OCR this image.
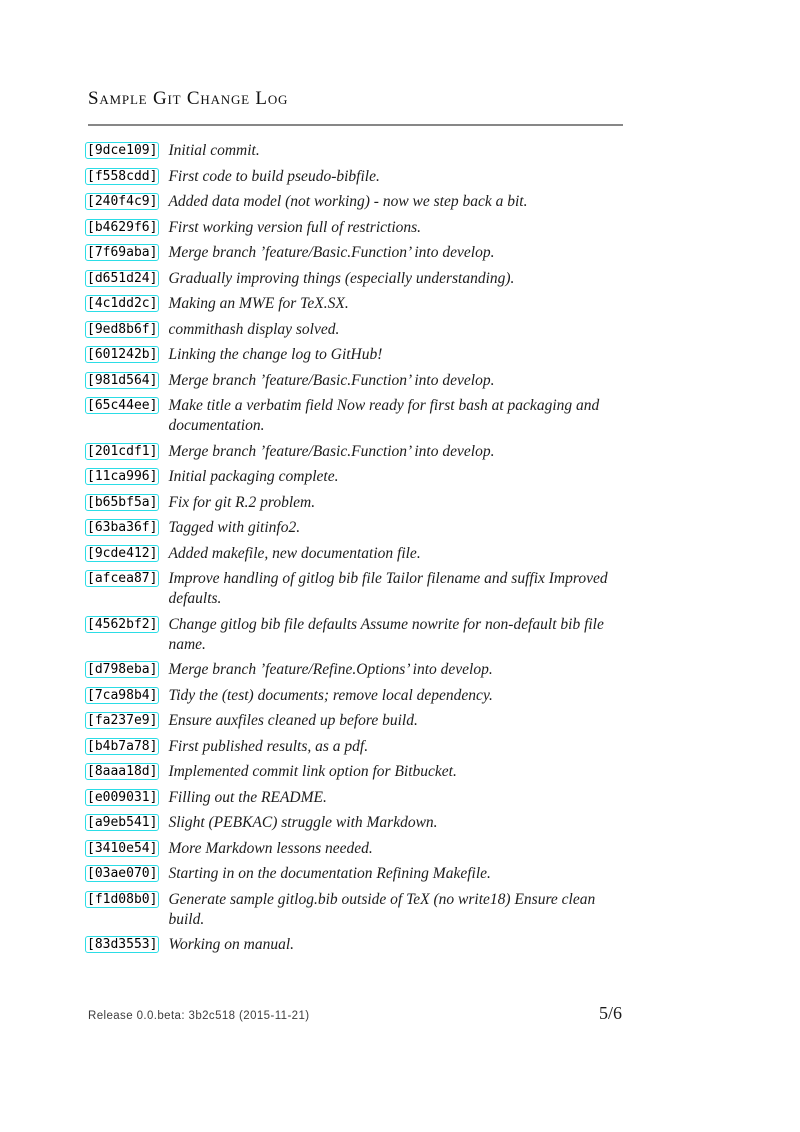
Sample Git Change Log
[9dce109] Initial commit.
[f558cdd] First code to build pseudo-bibfile.
[240f4c9] Added data model (not working) - now we step back a bit.
[b4629f6] First working version full of restrictions.
[7f69aba] Merge branch ’feature/Basic.Function’ into develop.
[d651d24] Gradually improving things (especially understanding).
[4c1dd2c] Making an MWE for TeX.SX.
[9ed8b6f] commithash display solved.
[601242b] Linking the change log to GitHub!
[981d564] Merge branch ’feature/Basic.Function’ into develop.
[65c44ee] Make title a verbatim field Now ready for first bash at packaging and documentation.
[201cdf1] Merge branch ’feature/Basic.Function’ into develop.
[11ca996] Initial packaging complete.
[b65bf5a] Fix for git R.2 problem.
[63ba36f] Tagged with gitinfo2.
[9cde412] Added makefile, new documentation file.
[afcea87] Improve handling of gitlog bib file Tailor filename and suffix Improved defaults.
[4562bf2] Change gitlog bib file defaults Assume nowrite for non-default bib file name.
[d798eba] Merge branch ’feature/Refine.Options’ into develop.
[7ca98b4] Tidy the (test) documents; remove local dependency.
[fa237e9] Ensure auxfiles cleaned up before build.
[b4b7a78] First published results, as a pdf.
[8aaa18d] Implemented commit link option for Bitbucket.
[e009031] Filling out the README.
[a9eb541] Slight (PEBKAC) struggle with Markdown.
[3410e54] More Markdown lessons needed.
[03ae070] Starting in on the documentation Refining Makefile.
[f1d08b0] Generate sample gitlog.bib outside of TeX (no write18) Ensure clean build.
[83d3553] Working on manual.
Release 0.0.beta: 3b2c518 (2015-11-21)	5/6
